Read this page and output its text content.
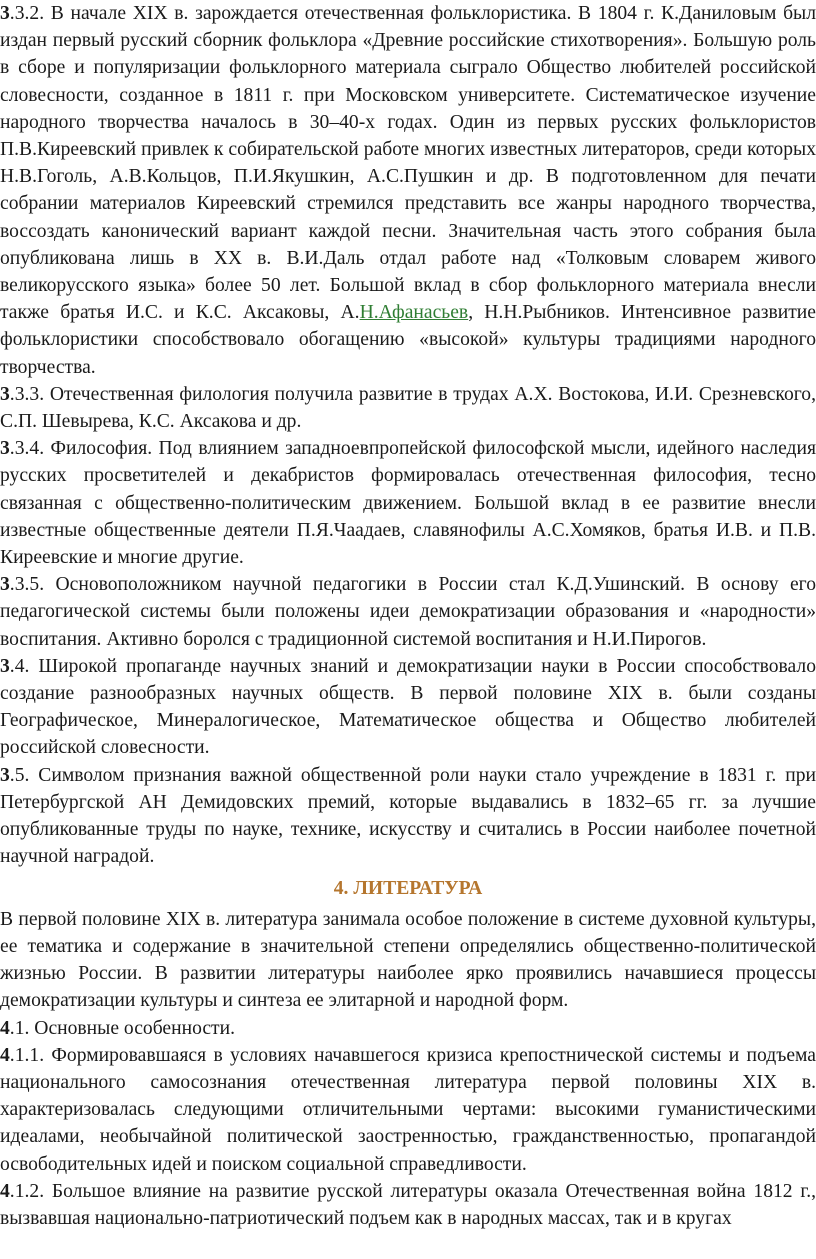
3.3.2. В начале XIX в. зарождается отечественная фольклористика. В 1804 г. К.Даниловым был издан первый русский сборник фольклора «Древние российские стихотворения». Большую роль в сборе и популяризации фольклорного материала сыграло Общество любителей российской словесности, созданное в 1811 г. при Московском университете. Систематическое изучение народного творчества началось в 30–40-х годах. Один из первых русских фольклористов П.В.Киреевский привлек к собирательской работе многих известных литераторов, среди которых Н.В.Гоголь, А.В.Кольцов, П.И.Якушкин, А.С.Пушкин и др. В подготовленном для печати собрании материалов Киреевский стремился представить все жанры народного творчества, воссоздать канонический вариант каждой песни. Значительная часть этого собрания была опубликована лишь в XX в. В.И.Даль отдал работе над «Толковым словарем живого великорусского языка» более 50 лет. Большой вклад в сбор фольклорного материала внесли также братья И.С. и К.С. Аксаковы, А.Н.Афанасьев, Н.Н.Рыбников. Интенсивное развитие фольклористики способствовало обогащению «высокой» культуры традициями народного творчества.

3.3.3. Отечественная филология получила развитие в трудах А.Х. Востокова, И.И. Срезневского, С.П. Шевырева, К.С. Аксакова и др.

3.3.4. Философия. Под влиянием западноевпропейской философской мысли, идейного наследия русских просветителей и декабристов формировалась отечественная философия, тесно связанная с общественно-политическим движением. Большой вклад в ее развитие внесли известные общественные деятели П.Я.Чаадаев, славянофилы А.С.Хомяков, братья И.В. и П.В. Киреевские и многие другие.

3.3.5. Основоположником научной педагогики в России стал К.Д.Ушинский. В основу его педагогической системы были положены идеи демократизации образования и «народности» воспитания. Активно боролся с традиционной системой воспитания и Н.И.Пирогов.

3.4. Широкой пропаганде научных знаний и демократизации науки в России способствовало создание разнообразных научных обществ. В первой половине XIX в. были созданы Географическое, Минералогическое, Математическое общества и Общество любителей российской словесности.

3.5. Символом признания важной общественной роли науки стало учреждение в 1831 г. при Петербургской АН Демидовских премий, которые выдавались в 1832–65 гг. за лучшие опубликованные труды по науке, технике, искусству и считались в России наиболее почетной научной наградой.

4. ЛИТЕРАТУРА

В первой половине XIX в. литература занимала особое положение в системе духовной культуры, ее тематика и содержание в значительной степени определялись общественно-политической жизнью России. В развитии литературы наиболее ярко проявились начавшиеся процессы демократизации культуры и синтеза ее элитарной и народной форм.

4.1. Основные особенности.

4.1.1. Формировавшаяся в условиях начавшегося кризиса крепостнической системы и подъема национального самосознания отечественная литература первой половины XIX в. характеризовалась следующими отличительными чертами: высокими гуманистическими идеалами, необычайной политической заостренностью, гражданственностью, пропагандой освободительных идей и поиском социальной справедливости.

4.1.2. Большое влияние на развитие русской литературы оказала Отечественная война 1812 г., вызвавшая национально-патриотический подъем как в народных массах, так и в кругах
